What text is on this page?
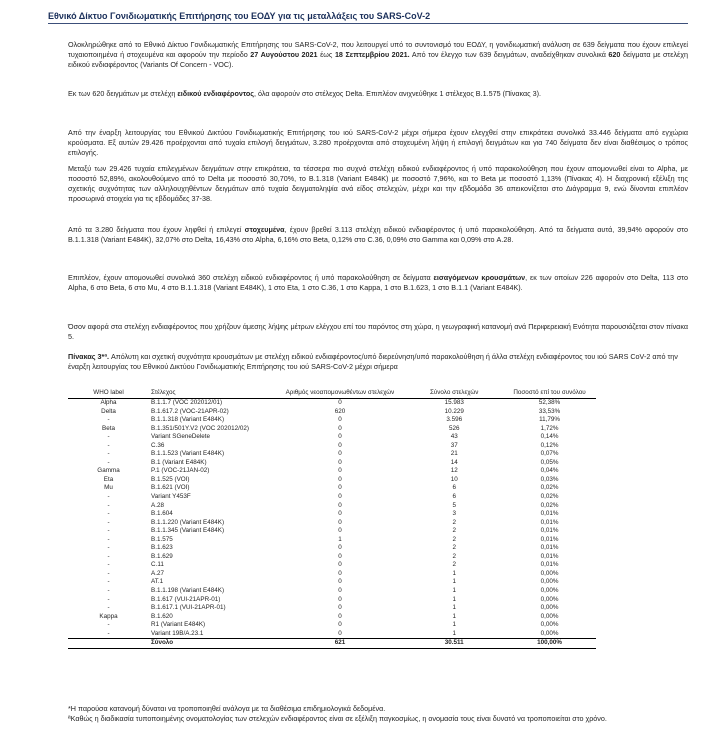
Εθνικό Δίκτυο Γονιδιωματικής Επιτήρησης του ΕΟΔΥ για τις μεταλλάξεις του SARS-CoV-2

Ολοκληρώθηκε από το Εθνικό Δίκτυο Γονιδιωματικής Επιτήρησης του SARS-CoV-2, που λειτουργεί υπό το συντονισμό του ΕΟΔΥ, η γονιδιωματική ανάλυση σε 639 δείγματα που έχουν επιλεγεί τυχαιοποιημένα ή στοχευμένα και αφορούν την περίοδο 27 Αυγούστου 2021 έως 18 Σεπτεμβρίου 2021. Από τον έλεγχο των 639 δειγμάτων, αναδείχθηκαν συνολικά 620 δείγματα με στελέχη ειδικού ενδιαφέροντος (Variants Of Concern - VOC).

Εκ των 620 δειγμάτων με στελέχη ειδικού ενδιαφέροντος, όλα αφορούν στο στέλεχος Delta. Επιπλέον ανιχνεύθηκε 1 στέλεχος B.1.575 (Πίνακας 3).

Από την έναρξη λειτουργίας του Εθνικού Δικτύου Γονιδιωματικής Επιτήρησης του ιού SARS-CoV-2 μέχρι σήμερα έχουν ελεγχθεί στην επικράτεια συνολικά 33.446 δείγματα από εγχώρια κρούσματα. Εξ αυτών 29.426 προέρχονται από τυχαία επιλογή δειγμάτων, 3.280 προέρχονται από στοχευμένη λήψη ή επιλογή δειγμάτων και για 740 δείγματα δεν είναι διαθέσιμος ο τρόπος επιλογής.

Μεταξύ των 29.426 τυχαία επιλεγμένων δειγμάτων στην επικράτεια, τα τέσσερα πιο συχνά στελέχη ειδικού ενδιαφέροντος ή υπό παρακολούθηση που έχουν απομονωθεί είναι το Alpha, με ποσοστό 52,89%, ακολουθούμενο από το Delta με ποσοστό 30,70%, το B.1.318 (Variant E484K) με ποσοστό 7,96%, και το Beta με ποσοστό 1,13% (Πίνακας 4). Η διαχρονική εξέλιξη της σχετικής συχνότητας των αλληλουχηθέντων δειγμάτων από τυχαία δειγματοληψία ανά είδος στελεχών, μέχρι και την εβδομάδα 36 απεικονίζεται στο Διάγραμμα 9, ενώ δίνονται επιπλέον προσωρινά στοιχεία για τις εβδομάδες 37-38.

Από τα 3.280 δείγματα που έχουν ληφθεί ή επιλεγεί στοχευμένα, έχουν βρεθεί 3.113 στελέχη ειδικού ενδιαφέροντος ή υπό παρακολούθηση. Από τα δείγματα αυτά, 39,94% αφορούν στο B.1.1.318 (Variant E484K), 32,07% στο Delta, 16,43% στο Alpha, 6,16% στο Beta, 0,12% στο C.36, 0,09% στο Gamma και 0,09% στο A.28.

Επιπλέον, έχουν απομονωθεί συνολικά 360 στελέχη ειδικού ενδιαφέροντος ή υπό παρακολούθηση σε δείγματα εισαγόμενων κρουσμάτων, εκ των οποίων 226 αφορούν στο Delta, 113 στο Alpha, 6 στο Beta, 6 στο Mu, 4 στο B.1.1.318 (Variant E484K), 1 στο Eta, 1 στο C.36, 1 στο Kappa, 1 στο B.1.623, 1 στο B.1.1 (Variant E484K).

Όσον αφορά στα στελέχη ενδιαφέροντος που χρήζουν άμεσης λήψης μέτρων ελέγχου επί του παρόντος στη χώρα, η γεωγραφική κατανομή ανά Περιφερειακή Ενότητα παρουσιάζεται στον πίνακα 5.

Πίνακας 3*ª. Απόλυτη και σχετική συχνότητα κρουσμάτων με στελέχη ειδικού ενδιαφέροντος/υπό διερεύνηση/υπό παρακολούθηση ή άλλα στελέχη ενδιαφέροντος του ιού SARS CoV-2 από την έναρξη λειτουργίας του Εθνικού Δικτύου Γονιδιωματικής Επιτήρησης του ιού SARS-CoV-2 μέχρι σήμερα

WHO label	Στέλεχος	Αριθμός νεοαπομονωθέντων στελεχών	Σύνολο στελεχών	Ποσοστό επί του συνόλου
Alpha	B.1.1.7 (VOC 202012/01)	0	15.983	52,38%
Delta	B.1.617.2 (VOC-21APR-02)	620	10.229	33,53%
-	B.1.1.318 (Variant E484K)	0	3.596	11,79%
Beta	B.1.351/501Y.V2 (VOC 202012/02)	0	526	1,72%
-	Variant SGeneDelete	0	43	0,14%
-	C.36	0	37	0,12%
-	B.1.1.523 (Variant E484K)	0	21	0,07%
-	B.1 (Variant E484K)	0	14	0,05%
Gamma	P.1 (VOC-21JAN-02)	0	12	0,04%
Eta	B.1.525 (VOI)	0	10	0,03%
Mu	B.1.621 (VOI)	0	6	0,02%
-	Variant Y453F	0	6	0,02%
-	A.28	0	5	0,02%
-	B.1.604	0	3	0,01%
-	B.1.1.220 (Variant E484K)	0	2	0,01%
-	B.1.1.345 (Variant E484K)	0	2	0,01%
-	B.1.575	1	2	0,01%
-	B.1.623	0	2	0,01%
-	B.1.629	0	2	0,01%
-	C.11	0	2	0,01%
-	A.27	0	1	0,00%
-	AT.1	0	1	0,00%
-	B.1.1.198 (Variant E484K)	0	1	0,00%
-	B.1.617 (VUI-21APR-01)	0	1	0,00%
-	B.1.617.1 (VUI-21APR-01)	0	1	0,00%
Kappa	B.1.620	0	1	0,00%
-	R1 (Variant E484K)	0	1	0,00%
-	Variant 19B/A.23.1	0	1	0,00%
	Σύνολο	621	30.511	100,00%
*Η παρούσα κατανομή δύναται να τροποποιηθεί ανάλογα με τα διαθέσιμα επιδημιολογικά δεδομένα.
ªΚαθώς η διαδικασία τυποποιημένης ονοματολογίας των στελεχών ενδιαφέροντος είναι σε εξέλιξη παγκοσμίως, η ονομασία τους είναι δυνατό να τροποποιείται στο χρόνο.
